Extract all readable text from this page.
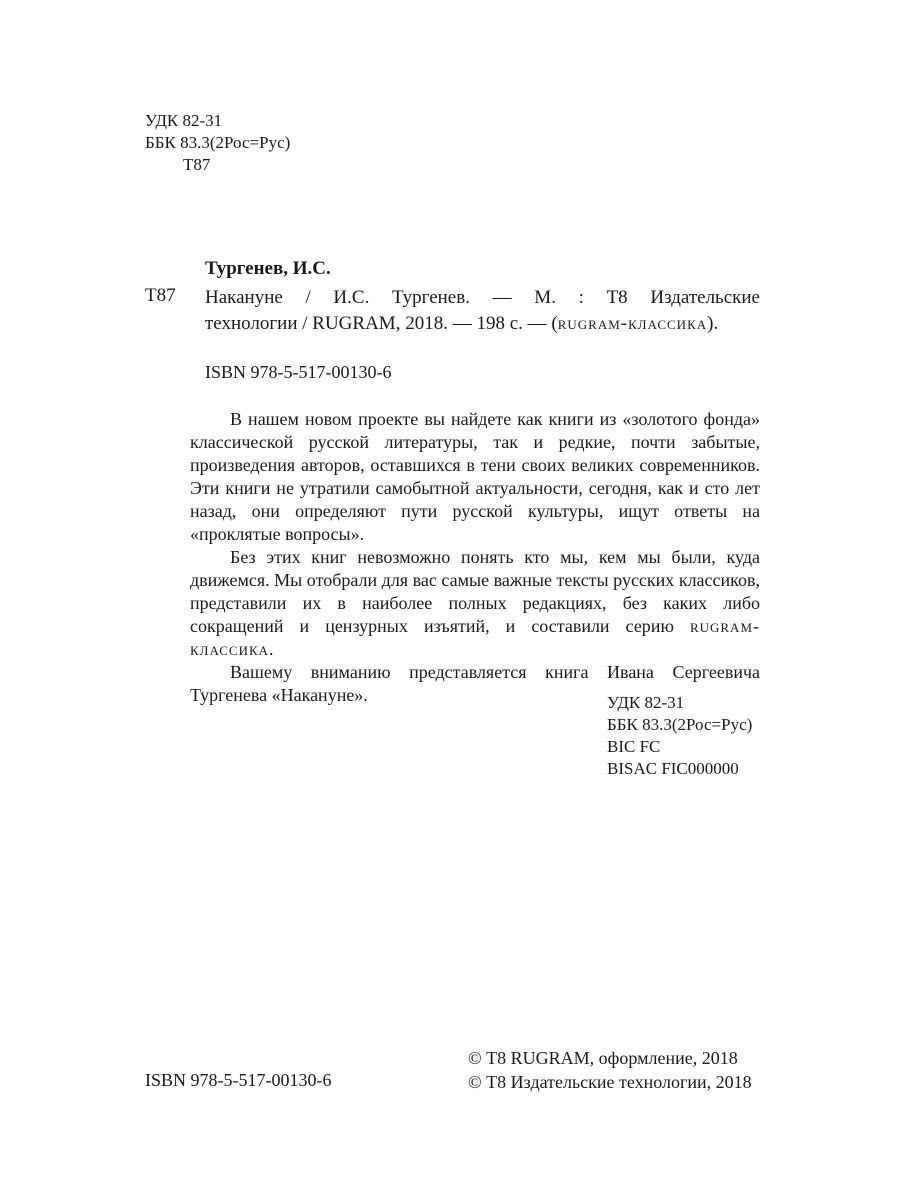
УДК 82-31
ББК 83.3(2Рос=Рус)
Т87
Тургенев, И.С.
Т87 Накануне / И.С. Тургенев. — М. : Т8 Издательские

технологии / RUGRAM, 2018. — 198 с. — (rugram-классика).

ISBN 978-5-517-00130-6

В нашем новом проекте вы найдете как книги из «золотого фонда» классической русской литературы, так и редкие, почти забытые, произведения авторов, оставшихся в тени своих великих современников. Эти книги не утратили самобытной актуальности, сегодня, как и сто лет назад, они определяют пути русской культуры, ищут ответы на «проклятые вопросы».

Без этих книг невозможно понять кто мы, кем мы были, куда движемся. Мы отобрали для вас самые важные тексты русских классиков, представили их в наиболее полных редакциях, без каких либо сокращений и цензурных изъятий, и составили серию rugram-классика.

Вашему вниманию представляется книга Ивана Сергеевича Тургенева «Накануне».	УДК 82-31
ББК 83.3(2Рос=Рус)
BIC FC
BISAC FIC000000
© Т8 RUGRAM, оформление, 2018
© Т8 Издательские технологии, 2018
ISBN 978-5-517-00130-6
